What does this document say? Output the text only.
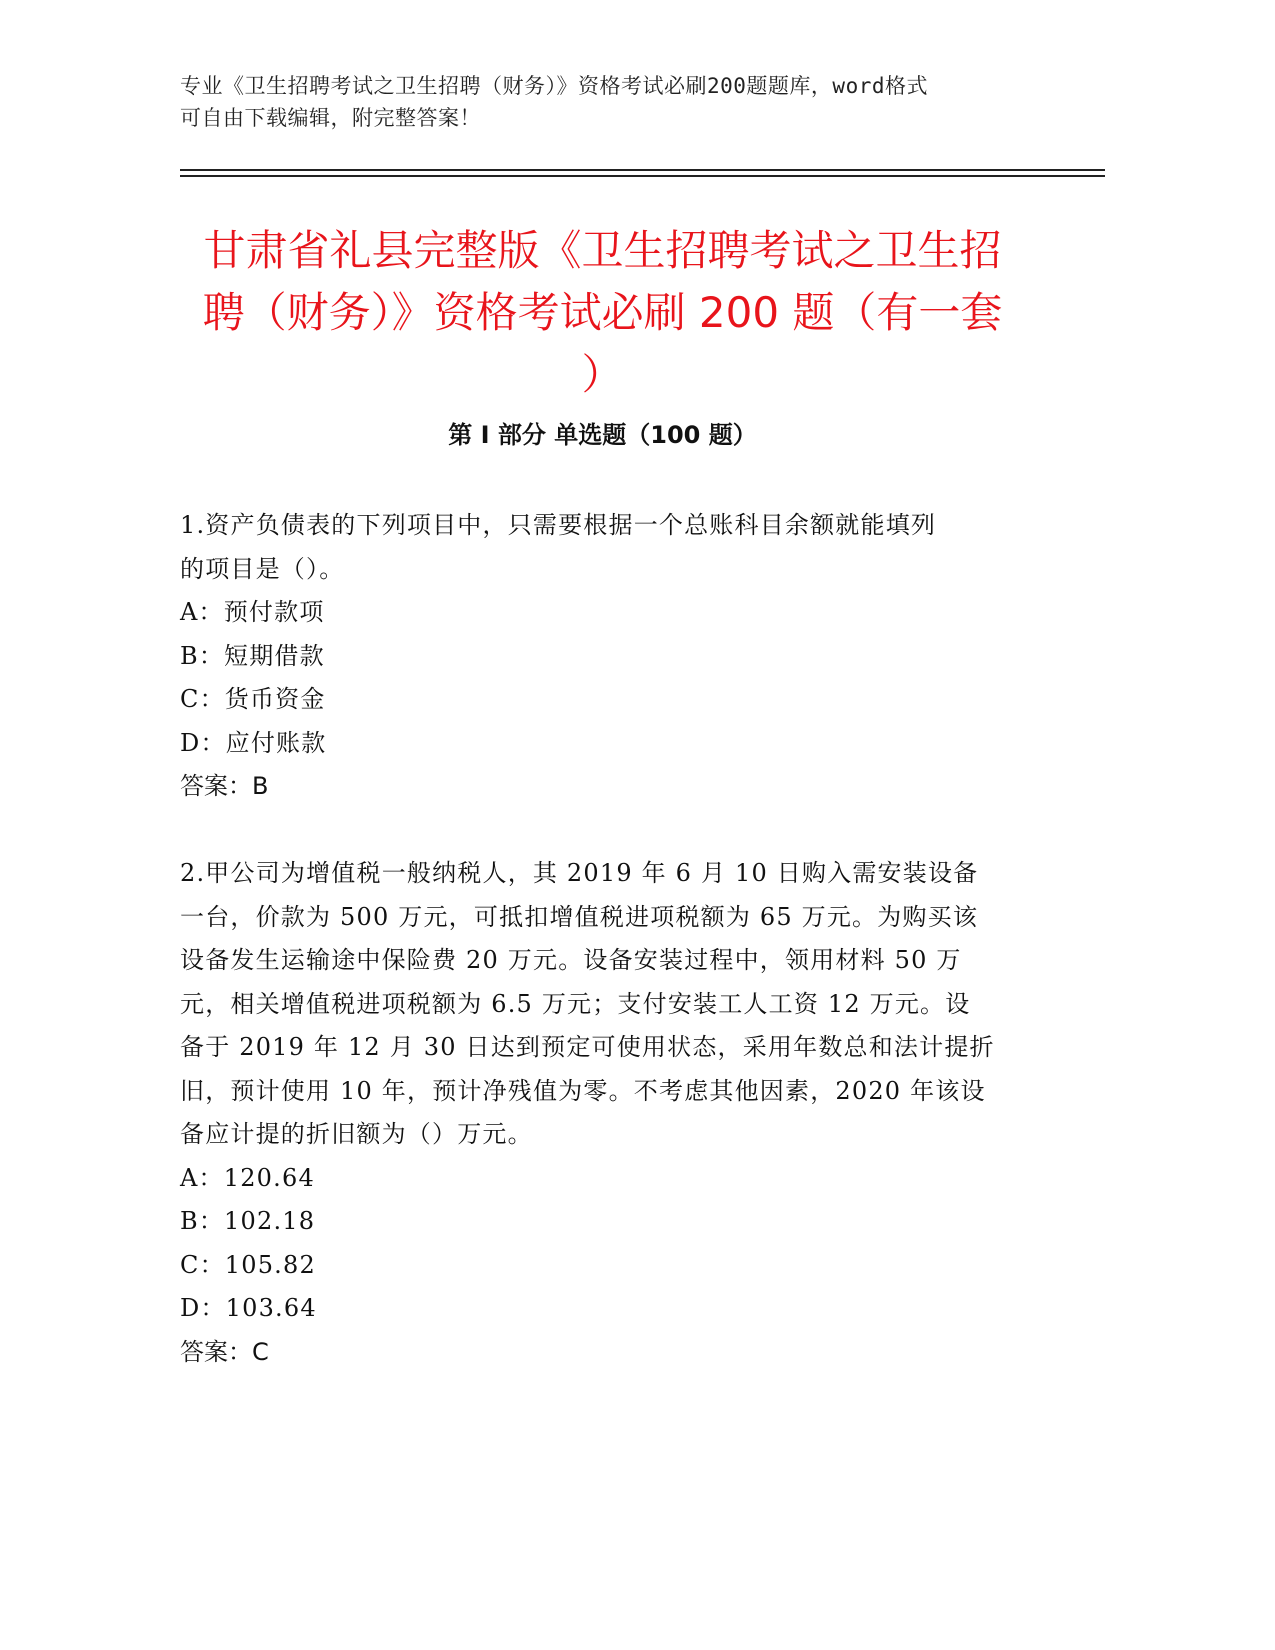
专业《卫生招聘考试之卫生招聘（财务）》资格考试必刷200题题库，word格式

可自由下载编辑，附完整答案！

甘肃省礼县完整版《卫生招聘考试之卫生招
聘（财务）》资格考试必刷 200 题（有一套
）
第 I 部分 单选题（100 题）

1.资产负债表的下列项目中，只需要根据一个总账科目余额就能填列

的项目是（）。

A：预付款项

B：短期借款

C：货币资金

D：应付账款

答案：B

2.甲公司为增值税一般纳税人，其 2019 年 6 月 10 日购入需安装设备

一台，价款为 500 万元，可抵扣增值税进项税额为 65 万元。为购买该

设备发生运输途中保险费 20 万元。设备安装过程中，领用材料 50 万

元，相关增值税进项税额为 6.5 万元；支付安装工人工资 12 万元。设

备于 2019 年 12 月 30 日达到预定可使用状态，采用年数总和法计提折

旧，预计使用 10 年，预计净残值为零。不考虑其他因素，2020 年该设

备应计提的折旧额为（）万元。

A：120.64

B：102.18

C：105.82

D：103.64

答案：C
